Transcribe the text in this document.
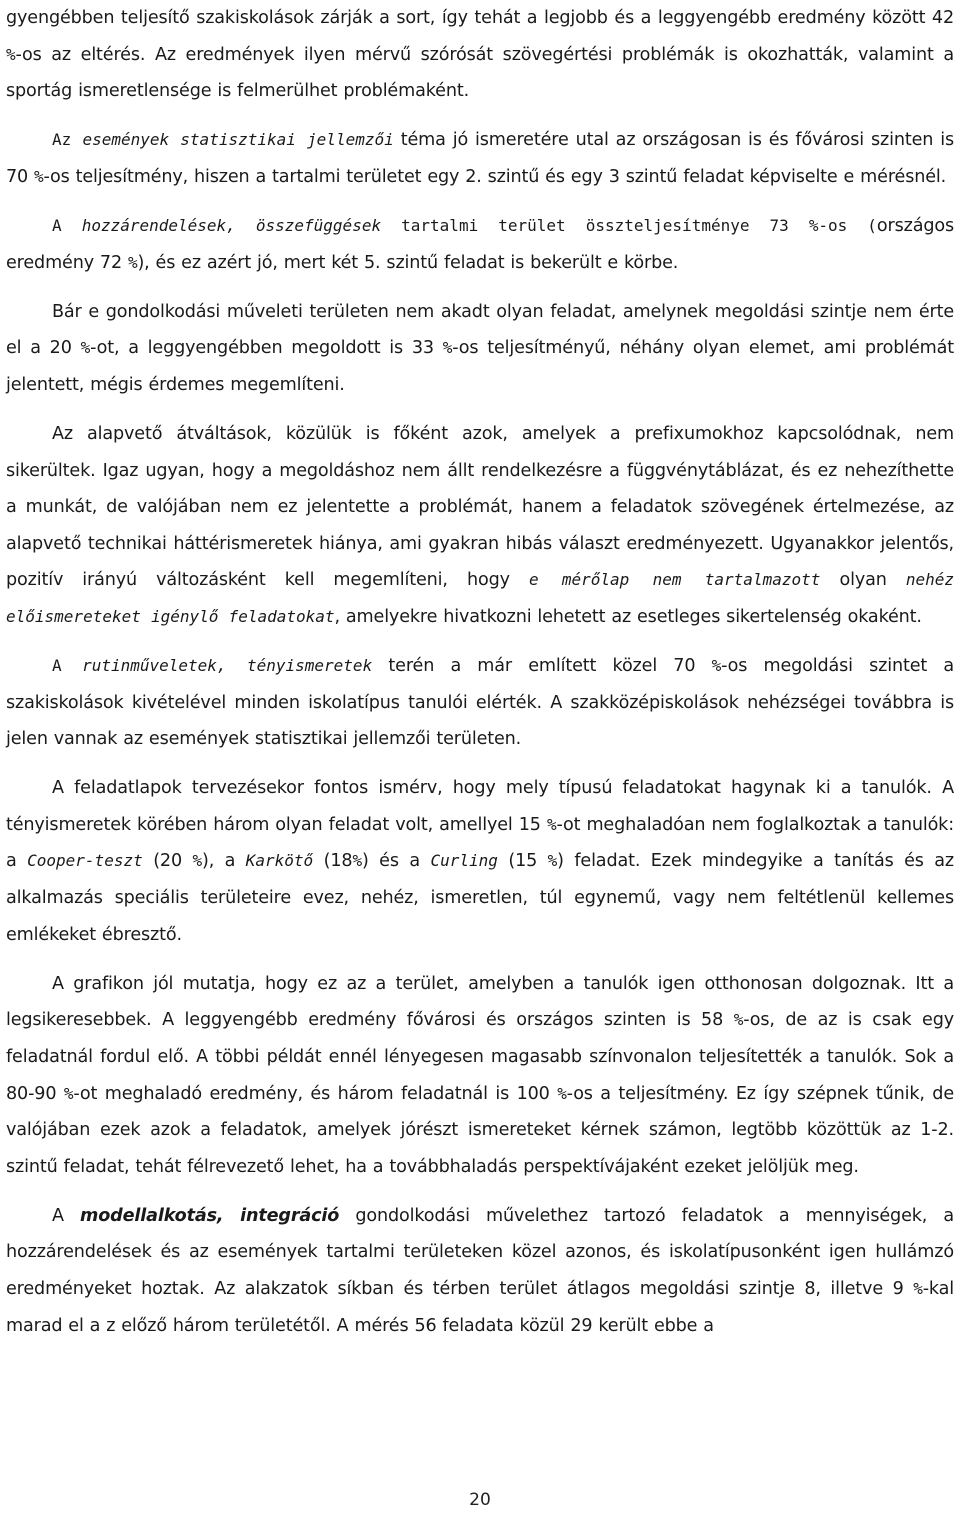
gyengébben teljesítő szakiskolások zárják a sort, így tehát a legjobb és a leggyengébb eredmény között 42 %-os az eltérés. Az eredmények ilyen mérvű szórósát szövegértési problémák is okozhatták, valamint a sportág ismeretlensége is felmerülhet problémaként.

Az események statisztikai jellemzői téma jó ismeretére utal az országosan is és fővárosi szinten is 70 %-os teljesítmény, hiszen a tartalmi területet egy 2. szintű és egy 3 szintű feladat képviselte e mérésnél.

A hozzárendelések, összefüggések tartalmi terület összteljesítménye 73 %-os (országos eredmény 72 %), és ez azért jó, mert két 5. szintű feladat is bekerült e körbe.

Bár e gondolkodási műveleti területen nem akadt olyan feladat, amelynek megoldási szintje nem érte el a 20 %-ot, a leggyengébben megoldott is 33 %-os teljesítményű, néhány olyan elemet, ami problémát jelentett, mégis érdemes megemlíteni.

Az alapvető átváltások, közülük is főként azok, amelyek a prefixumokhoz kapcsolódnak, nem sikerültek. Igaz ugyan, hogy a megoldáshoz nem állt rendelkezésre a függvénytáblázat, és ez nehezíthette a munkát, de valójában nem ez jelentette a problémát, hanem a feladatok szövegének értelmezése, az alapvető technikai háttérismeretek hiánya, ami gyakran hibás választ eredményezett. Ugyanakkor jelentős, pozitív irányú változásként kell megemlíteni, hogy e mérőlap nem tartalmazott olyan nehéz előismereteket igénylő feladatokat, amelyekre hivatkozni lehetett az esetleges sikertelenség okaként.

A rutinműveletek, tényismeretek terén a már említett közel 70 %-os megoldási szintet a szakiskolások kivételével minden iskolatípus tanulói elérték. A szakközépiskolások nehézségei továbbra is jelen vannak az események statisztikai jellemzői területen.

A feladatlapok tervezésekor fontos ismérv, hogy mely típusú feladatokat hagynak ki a tanulók. A tényismeretek körében három olyan feladat volt, amellyel 15 %-ot meghaladóan nem foglalkoztak a tanulók: a Cooper-teszt (20 %), a Karkötő (18%) és a Curling (15 %) feladat. Ezek mindegyike a tanítás és az alkalmazás speciális területeire evez, nehéz, ismeretlen, túl egynemű, vagy nem feltétlenül kellemes emlékeket ébresztő.

A grafikon jól mutatja, hogy ez az a terület, amelyben a tanulók igen otthonosan dolgoznak. Itt a legsikeresebbek. A leggyengébb eredmény fővárosi és országos szinten is 58 %-os, de az is csak egy feladatnál fordul elő. A többi példát ennél lényegesen magasabb színvonalon teljesítették a tanulók. Sok a 80-90 %-ot meghaladó eredmény, és három feladatnál is 100 %-os a teljesítmény. Ez így szépnek tűnik, de valójában ezek azok a feladatok, amelyek jórészt ismereteket kérnek számon, legtöbb közöttük az 1-2. szintű feladat, tehát félrevezető lehet, ha a továbbhaladás perspektívájaként ezeket jelöljük meg.

A modellalkotás, integráció gondolkodási művelethez tartozó feladatok a mennyiségek, a hozzárendelések és az események tartalmi területeken közel azonos, és iskolatípusonként igen hullámzó eredményeket hoztak. Az alakzatok síkban és térben terület átlagos megoldási szintje 8, illetve 9 %-kal marad el a z előző három területétől. A mérés 56 feladata közül 29 került ebbe a

20
